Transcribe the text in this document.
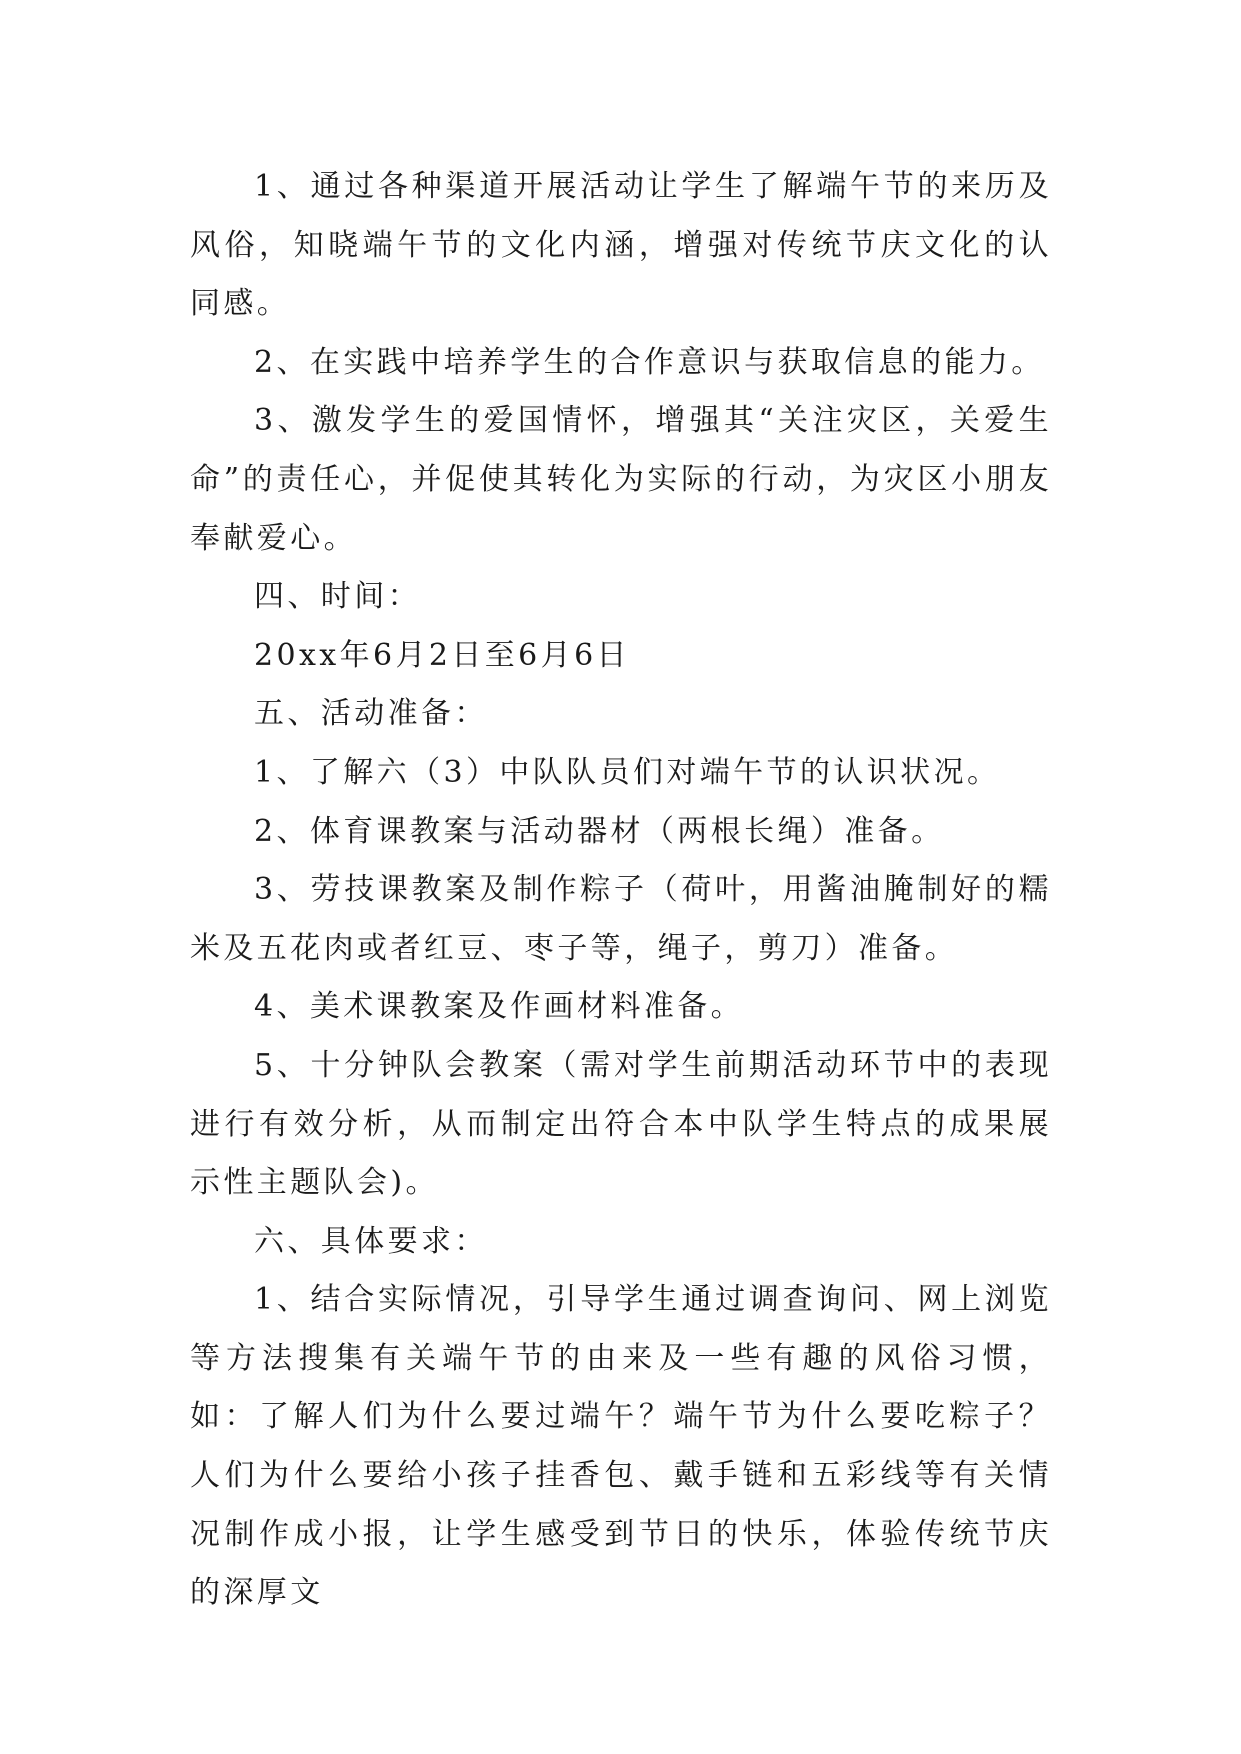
1、通过各种渠道开展活动让学生了解端午节的来历及风俗，知晓端午节的文化内涵，增强对传统节庆文化的认同感。

2、在实践中培养学生的合作意识与获取信息的能力。

3、激发学生的爱国情怀，增强其“关注灾区，关爱生命”的责任心，并促使其转化为实际的行动，为灾区小朋友奉献爱心。

四、时间：

20xx年6月2日至6月6日

五、活动准备：

1、了解六（3）中队队员们对端午节的认识状况。

2、体育课教案与活动器材（两根长绳）准备。

3、劳技课教案及制作粽子（荷叶，用酱油腌制好的糯米及五花肉或者红豆、枣子等，绳子，剪刀）准备。

4、美术课教案及作画材料准备。

5、十分钟队会教案（需对学生前期活动环节中的表现进行有效分析，从而制定出符合本中队学生特点的成果展示性主题队会)。

六、具体要求：

1、结合实际情况，引导学生通过调查询问、网上浏览等方法搜集有关端午节的由来及一些有趣的风俗习惯，如：了解人们为什么要过端午？端午节为什么要吃粽子？人们为什么要给小孩子挂香包、戴手链和五彩线等有关情况制作成小报，让学生感受到节日的快乐，体验传统节庆的深厚文
